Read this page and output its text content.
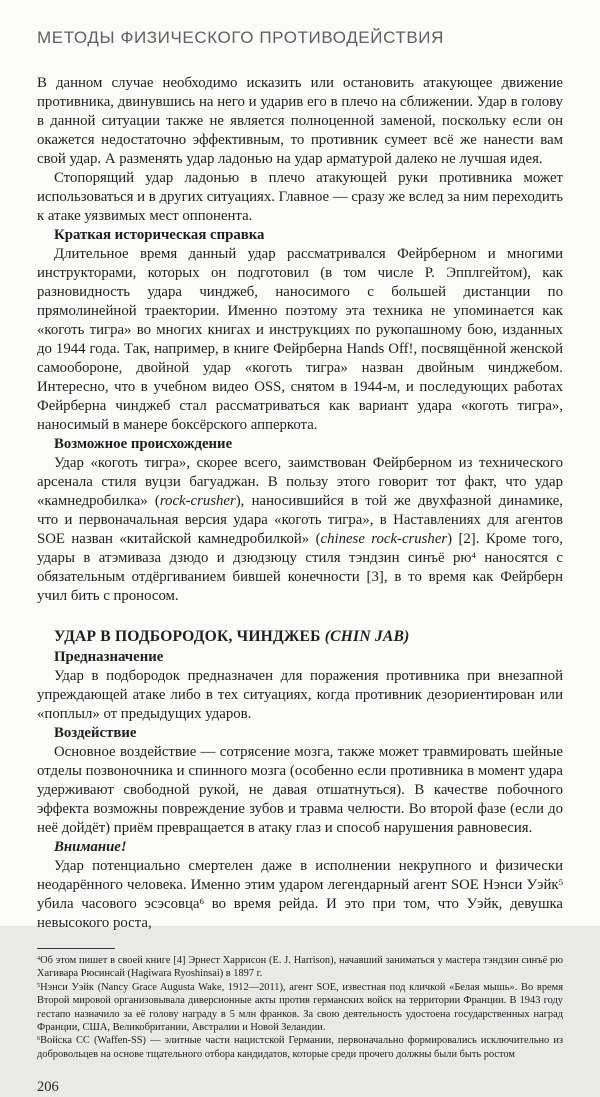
МЕТОДЫ ФИЗИЧЕСКОГО ПРОТИВОДЕЙСТВИЯ

В данном случае необходимо исказить или остановить атакующее движение противника, двинувшись на него и ударив его в плечо на сближении. Удар в голову в данной ситуации также не является полноценной заменой, поскольку если он окажется недостаточно эффективным, то противник сумеет всё же нанести вам свой удар. А разменять удар ладонью на удар арматурой далеко не лучшая идея.

Стопорящий удар ладонью в плечо атакующей руки противника может использоваться и в других ситуациях. Главное — сразу же вслед за ним переходить к атаке уязвимых мест оппонента.

Краткая историческая справка

Длительное время данный удар рассматривался Фейрберном и многими инструкторами, которых он подготовил (в том числе Р. Эпплгейтом), как разновидность удара чинджеб, наносимого с большей дистанции по прямолинейной траектории. Именно поэтому эта техника не упоминается как «коготь тигра» во многих книгах и инструкциях по рукопашному бою, изданных до 1944 года. Так, например, в книге Фейрберна Hands Off!, посвящённой женской самообороне, двойной удар «коготь тигра» назван двойным чинджебом. Интересно, что в учебном видео OSS, снятом в 1944-м, и последующих работах Фейрберна чинджеб стал рассматриваться как вариант удара «коготь тигра», наносимый в манере боксёрского апперкота.

Возможное происхождение

Удар «коготь тигра», скорее всего, заимствован Фейрберном из технического арсенала стиля вуцзи багуаджан. В пользу этого говорит тот факт, что удар «камнедробилка» (rock-crusher), наносившийся в той же двухфазной динамике, что и первоначальная версия удара «коготь тигра», в Наставлениях для агентов SOE назван «китайской камнедробилкой» (chinese rock-crusher) [2]. Кроме того, удары в атэмиваза дзюдо и дзюдзюцу стиля тэндзин синъё $рю^4$ наносятся с обязательным отдёргиванием бившей конечности [3], в то время как Фейрберн учил бить с проносом.

УДАР В ПОДБОРОДОК, ЧИНДЖЕБ (CHIN JAB)
Предназначение

Удар в подбородок предназначен для поражения противника при внезапной упреждающей атаке либо в тех ситуациях, когда противник дезориентирован или «поплыл» от предыдущих ударов.

Воздействие

Основное воздействие — сотрясение мозга, также может травмировать шейные отделы позвоночника и спинного мозга (особенно если противника в момент удара удерживают свободной рукой, не давая отшатнуться). В качестве побочного эффекта возможны повреждение зубов и травма челюсти. Во второй фазе (если до неё дойдёт) приём превращается в атаку глаз и способ нарушения равновесия.

Внимание!

Удар потенциально смертелен даже в исполнении некрупного и физически неодарённого человека. Именно этим ударом легендарный агент SOE Нэнси Уэйк$^5$ убила часового эсэсовца$^6$ во время рейда. И это при том, что Уэйк, девушка невысокого роста,

$^4$Об этом пишет в своей книге [4] Эрнест Харрисон (E. J. Harrison), начавший заниматься у мастера тэндзин синъё рю Хагивара Рюсинсай (Hagiwara Ryoshinsai) в 1897 г.

$^5$Нэнси Уэйк (Nancy Grace Augusta Wake, 1912—2011), агент SOE, известная под кличкой «Белая мышь». Во время Второй мировой организовывала диверсионные акты против германских войск на территории Франции. В 1943 году гестапо назначило за её голову награду в 5 млн франков. За свою деятельность удостоена государственных наград Франции, США, Великобритании, Австралии и Новой Зеландии.

$^6$Войска СС (Waffen-SS) — элитные части нацистской Германии, первоначально формировались исключительно из добровольцев на основе тщательного отбора кандидатов, которые среди прочего должны были быть ростом

206
